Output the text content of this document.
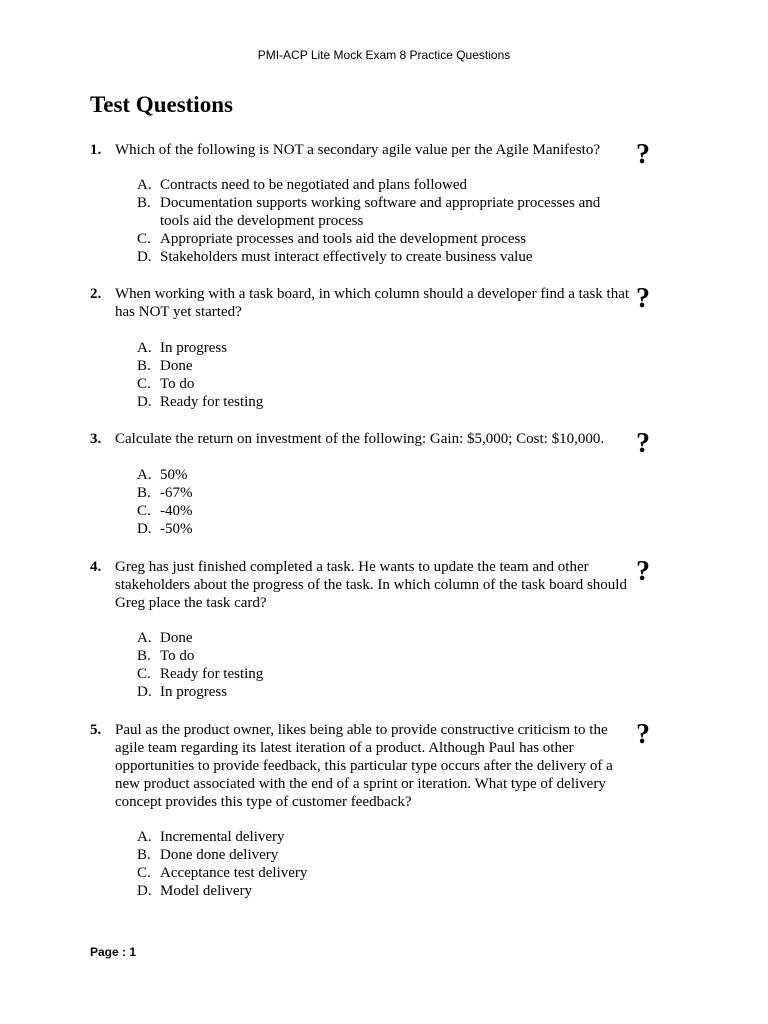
PMI-ACP Lite Mock Exam 8 Practice Questions
Test Questions
1. Which of the following is NOT a secondary agile value per the Agile Manifesto?	?
A. Contracts need to be negotiated and plans followed
B. Documentation supports working software and appropriate processes and tools aid the development process
C. Appropriate processes and tools aid the development process
D. Stakeholders must interact effectively to create business value
2. When working with a task board, in which column should a developer find a task that has NOT yet started?	?
A. In progress
B. Done
C. To do
D. Ready for testing
3. Calculate the return on investment of the following: Gain: $5,000; Cost: $10,000.	?
A. 50%
B. -67%
C. -40%
D. -50%
4. Greg has just finished completed a task. He wants to update the team and other stakeholders about the progress of the task. In which column of the task board should Greg place the task card?
?
A. Done
B. To do
C. Ready for testing
D. In progress
5. Paul as the product owner, likes being able to provide constructive criticism to the agile team regarding its latest iteration of a product. Although Paul has other opportunities to provide feedback, this particular type occurs after the delivery of a new product associated with the end of a sprint or iteration. What type of delivery concept provides this type of customer feedback?
?
A. Incremental delivery
B. Done done delivery
C. Acceptance test delivery
D. Model delivery
Page : 1
